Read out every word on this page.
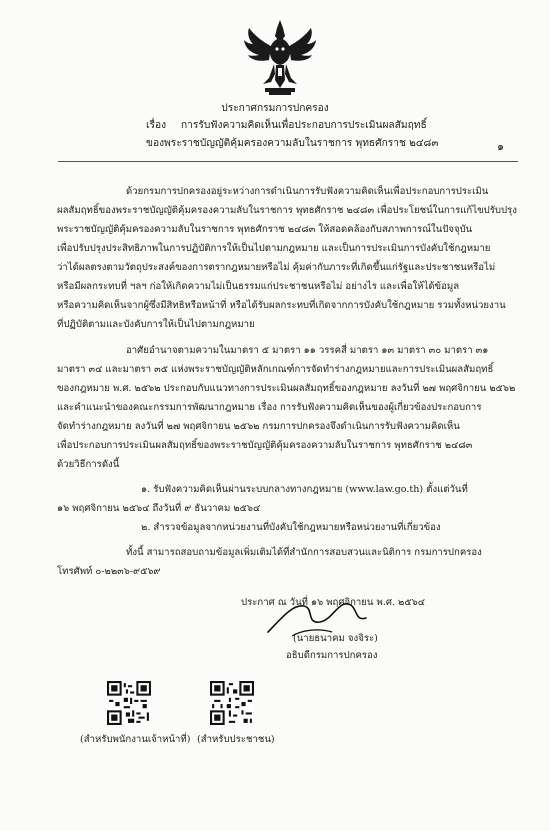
ประกาศกรมการปกครอง
เรื่อง การรับฟังความคิดเห็นเพื่อประกอบการประเมินผลสัมฤทธิ์
ของพระราชบัญญัติคุ้มครองความลับในราชการ พุทธศักราช ๒๔๘๓	๑
ด้วยกรมการปกครองอยู่ระหว่างการดำเนินการรับฟังความคิดเห็นเพื่อประกอบการประเมิน
ผลสัมฤทธิ์ของพระราชบัญญัติคุ้มครองความลับในราชการ พุทธศักราช ๒๔๘๓ เพื่อประโยชน์ในการแก้ไขปรับปรุง
พระราชบัญญัติคุ้มครองความลับในราชการ พุทธศักราช ๒๔๘๓ ให้สอดคล้องกับสภาพการณ์ในปัจจุบัน
เพื่อปรับปรุงประสิทธิภาพในการปฏิบัติการให้เป็นไปตามกฎหมาย และเป็นการประเมินการบังคับใช้กฎหมาย
ว่าได้ผลตรงตามวัตถุประสงค์ของการตรากฎหมายหรือไม่ คุ้มค่ากับภาระที่เกิดขึ้นแก่รัฐและประชาชนหรือไม่
หรือมีผลกระทบที่ ฯลฯ ก่อให้เกิดความไม่เป็นธรรมแก่ประชาชนหรือไม่ อย่างไร และเพื่อให้ได้ข้อมูล
หรือความคิดเห็นจากผู้ซึ่งมีสิทธิหรือหน้าที่ หรือได้รับผลกระทบที่เกิดจากการบังคับใช้กฎหมาย รวมทั้งหน่วยงาน
ที่ปฏิบัติตามและบังคับการให้เป็นไปตามกฎหมาย
อาศัยอำนาจตามความในมาตรา ๕ มาตรา ๑๑ วรรคสี่ มาตรา ๑๓ มาตรา ๓๐ มาตรา ๓๑
มาตรา ๓๔ และมาตรา ๓๕ แห่งพระราชบัญญัติหลักเกณฑ์การจัดทำร่างกฎหมายและการประเมินผลสัมฤทธิ์
ของกฎหมาย พ.ศ. ๒๕๖๒ ประกอบกับแนวทางการประเมินผลสัมฤทธิ์ของกฎหมาย ลงวันที่ ๒๗ พฤศจิกายน ๒๕๖๒
และคำแนะนำของคณะกรรมการพัฒนากฎหมาย เรื่อง การรับฟังความคิดเห็นของผู้เกี่ยวข้องประกอบการ
จัดทำร่างกฎหมาย ลงวันที่ ๒๗ พฤศจิกายน ๒๕๖๒ กรมการปกครองจึงดำเนินการรับฟังความคิดเห็น
เพื่อประกอบการประเมินผลสัมฤทธิ์ของพระราชบัญญัติคุ้มครองความลับในราชการ พุทธศักราช ๒๔๘๓
ด้วยวิธีการดังนี้
๑. รับฟังความคิดเห็นผ่านระบบกลางทางกฎหมาย (www.law.go.th) ตั้งแต่วันที่
๑๖ พฤศจิกายน ๒๕๖๔ ถึงวันที่ ๙ ธันวาคม ๒๕๖๔
๒. สำรวจข้อมูลจากหน่วยงานที่บังคับใช้กฎหมายหรือหน่วยงานที่เกี่ยวข้อง
ทั้งนี้ สามารถสอบถามข้อมูลเพิ่มเติมได้ที่สำนักการสอบสวนและนิติการ กรมการปกครอง
โทรศัพท์ ๐-๒๒๓๖-๙๕๖๙
ประกาศ ณ วันที่ ๑๖ พฤศจิกายน พ.ศ. ๒๕๖๔
(นายธนาคม จงจิระ)
อธิบดีกรมการปกครอง
(สำหรับพนักงานเจ้าหน้าที่) (สำหรับประชาชน)
